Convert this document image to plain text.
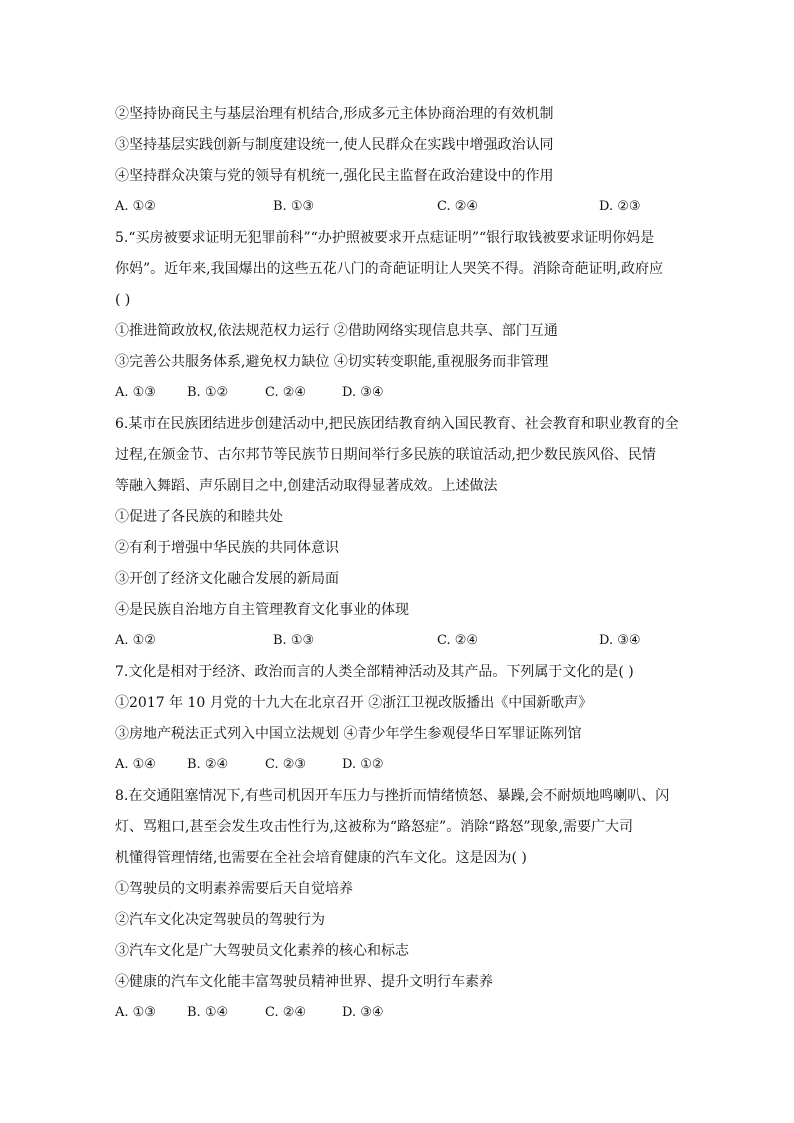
②坚持协商民主与基层治理有机结合,形成多元主体协商治理的有效机制
③坚持基层实践创新与制度建设统一,使人民群众在实践中增强政治认同
④坚持群众决策与党的领导有机统一,强化民主监督在政治建设中的作用
A. ①②	B. ①③	C. ②④	D. ②③
5.“买房被要求证明无犯罪前科”“办护照被要求开点痣证明”“银行取钱被要求证明你妈是
你妈”。近年来,我国爆出的这些五花八门的奇葩证明让人哭笑不得。消除奇葩证明,政府应
( )
①推进简政放权,依法规范权力运行 ②借助网络实现信息共享、部门互通
③完善公共服务体系,避免权力缺位 ④切实转变职能,重视服务而非管理
A. ①③ B. ①②	C. ②④	D. ③④
6.某市在民族团结进步创建活动中,把民族团结教育纳入国民教育、社会教育和职业教育的全
过程,在颁金节、古尔邦节等民族节日期间举行多民族的联谊活动,把少数民族风俗、民情
等融入舞蹈、声乐剧目之中,创建活动取得显著成效。上述做法
①促进了各民族的和睦共处
②有利于增强中华民族的共同体意识
③开创了经济文化融合发展的新局面
④是民族自治地方自主管理教育文化事业的体现
A. ①②	B. ①③	C. ②④	D. ③④
7.文化是相对于经济、政治而言的人类全部精神活动及其产品。下列属于文化的是( )
①2017 年 10 月党的十九大在北京召开 ②浙江卫视改版播出《中国新歌声》
③房地产税法正式列入中国立法规划 ④青少年学生参观侵华日军罪证陈列馆
A. ①④ B. ②④	C. ②③	D. ①②
8.在交通阻塞情况下,有些司机因开车压力与挫折而情绪愤怒、暴躁,会不耐烦地鸣喇叭、闪
灯、骂粗口,甚至会发生攻击性行为,这被称为“路怒症”。消除“路怒”现象,需要广大司
机懂得管理情绪,也需要在全社会培育健康的汽车文化。这是因为( )
①驾驶员的文明素养需要后天自觉培养
②汽车文化决定驾驶员的驾驶行为
③汽车文化是广大驾驶员文化素养的核心和标志
④健康的汽车文化能丰富驾驶员精神世界、提升文明行车素养
A. ①③ B. ①④	C. ②④	D. ③④
